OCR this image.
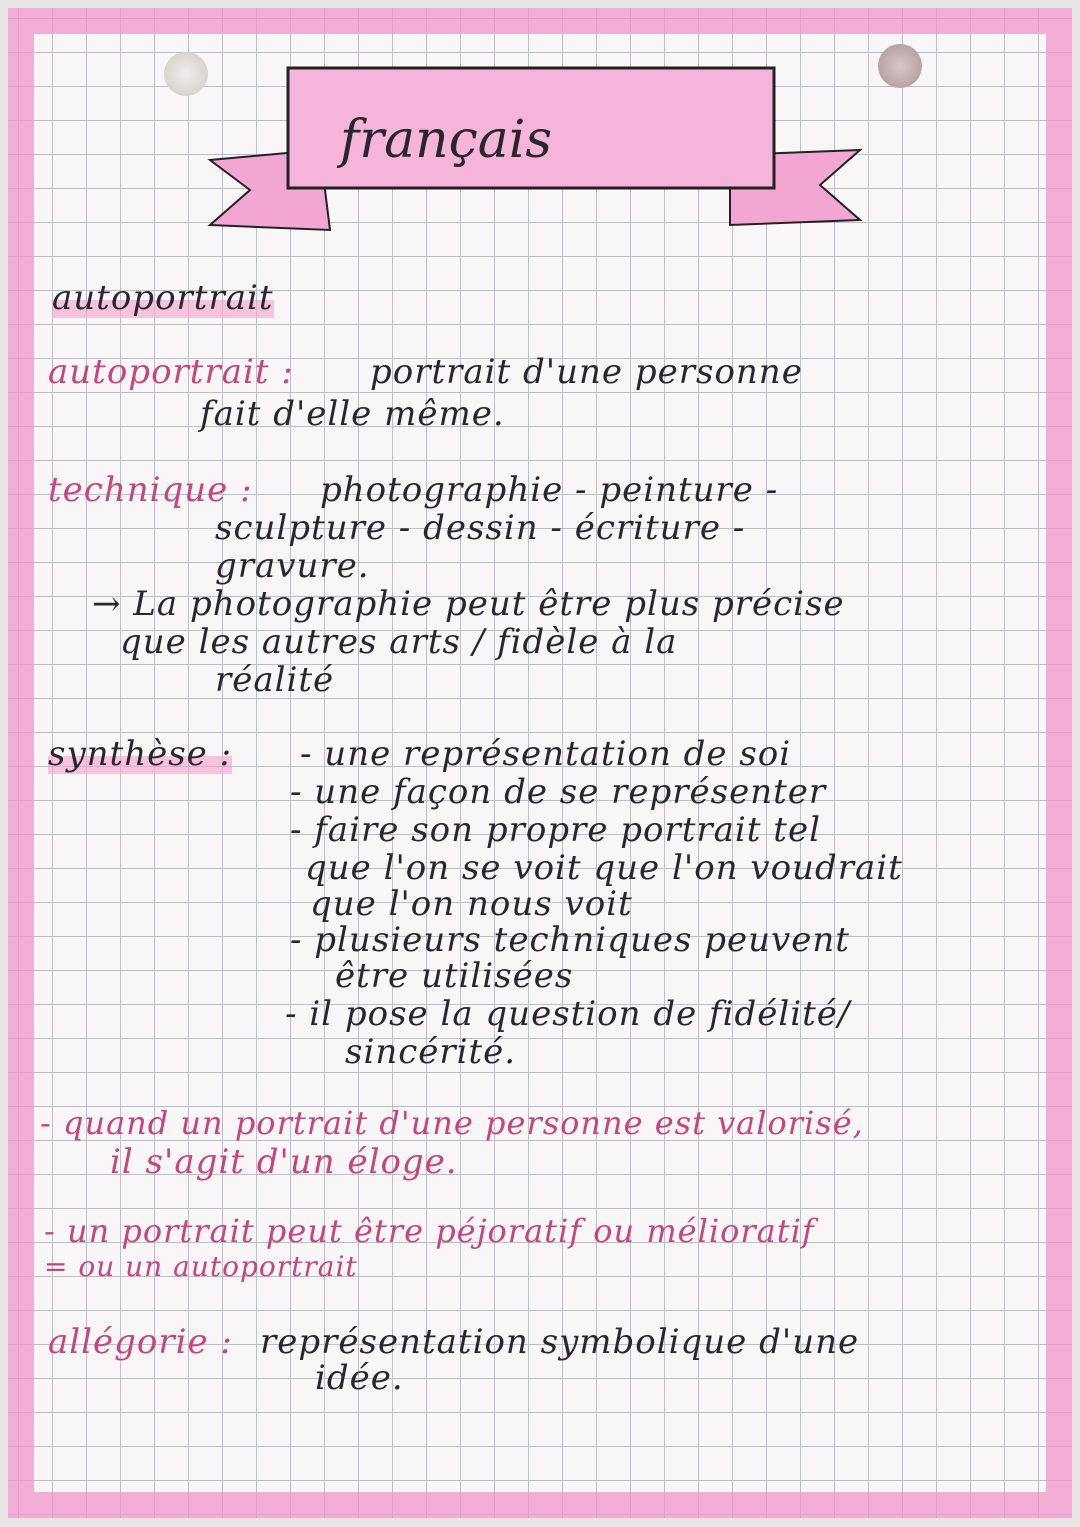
français
autoportrait
autoportrait : portrait d'une personne
fait d'elle même.
technique : photographie - peinture -
sculpture - dessin - écriture -
gravure.
→ La photographie peut être plus précise
que les autres arts / fidèle à la
réalité
synthèse : - une représentation de soi
- une façon de se représenter
- faire son propre portrait tel
que l'on se voit que l'on voudrait
que l'on nous voit
- plusieurs techniques peuvent
être utilisées
- il pose la question de fidélité/
sincérité.
- quand un portrait d'une personne est valorisé,
il s'agit d'un éloge.
- un portrait peut être péjoratif ou mélioratif
= ou un autoportrait
allégorie : représentation symbolique d'une
idée.
